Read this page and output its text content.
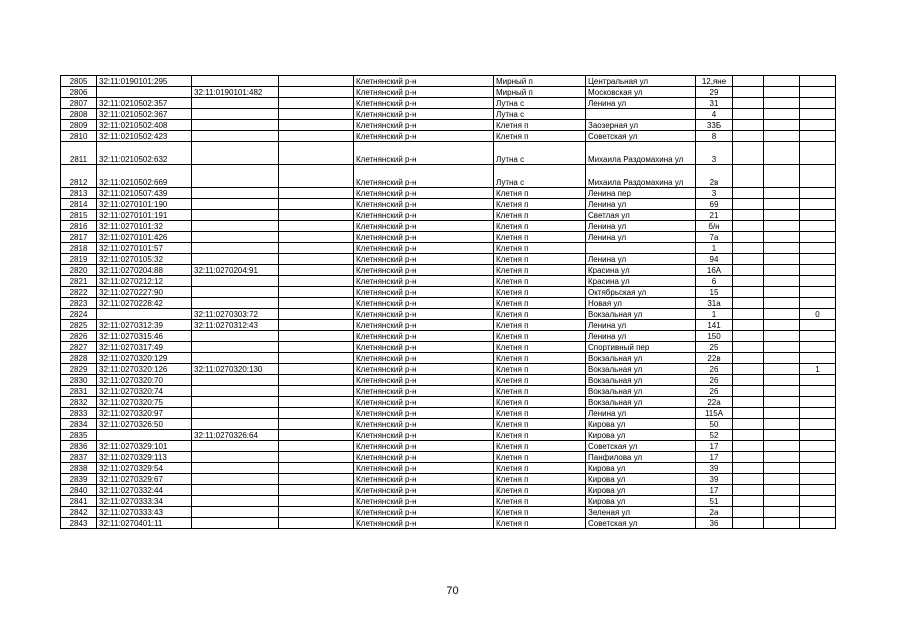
2805	32:11:0190101:295			Клетнянский р-н	Мирный п	Центральная ул	12,яне			
2806		32:11:0190101:482		Клетнянский р-н	Мирный п	Московская ул	29			
2807	32:11:0210502:357			Клетнянский р-н	Лутна с	Ленина ул	31			
2808	32:11:0210502:367			Клетнянский р-н	Лутна с		4			
2809	32:11:0210502:408			Клетнянский р-н	Клетня п	Заозерная ул	33Б			
2810	32:11:0210502:423			Клетнянский р-н	Клетня п	Советская ул	8			
2811	32:11:0210502:632			Клетнянский р-н	Лутна с	Михаила Раздомахина ул	3			
2812	32:11:0210502:669			Клетнянский р-н	Лутна с	Михаила Раздомахина ул	2в			
2813	32:11:0210507:439			Клетнянский р-н	Клетня п	Ленина пер	3			
2814	32:11:0270101:190			Клетнянский р-н	Клетня п	Ленина ул	69			
2815	32:11:0270101:191			Клетнянский р-н	Клетня п	Светлая ул	21			
2816	32:11:0270101:32			Клетнянский р-н	Клетня п	Ленина ул	б/н			
2817	32:11:0270101:426			Клетнянский р-н	Клетня п	Ленина ул	7а			
2818	32:11:0270101:57			Клетнянский р-н	Клетня п		1			
2819	32:11:0270105:32			Клетнянский р-н	Клетня п	Ленина ул	94			
2820	32:11:0270204:88	32:11:0270204:91		Клетнянский р-н	Клетня п	Красина ул	16А			
2821	32:11:0270212:12			Клетнянский р-н	Клетня п	Красина ул	6			
2822	32:11:0270227:90			Клетнянский р-н	Клетня п	Октябрьская ул	15			
2823	32:11:0270228:42			Клетнянский р-н	Клетня п	Новая ул	31а			
2824		32:11:0270303:72		Клетнянский р-н	Клетня п	Вокзальная ул	1			0
2825	32:11:0270312:39	32:11:0270312:43		Клетнянский р-н	Клетня п	Ленина ул	141			
2826	32:11:0270315:46			Клетнянский р-н	Клетня п	Ленина ул	150			
2827	32:11:0270317:49			Клетнянский р-н	Клетня п	Спортивный пер	25			
2828	32:11:0270320:129			Клетнянский р-н	Клетня п	Вокзальная ул	22в			
2829	32:11:0270320:126	32:11:0270320:130		Клетнянский р-н	Клетня п	Вокзальная ул	26			1
2830	32:11:0270320:70			Клетнянский р-н	Клетня п	Вокзальная ул	26			
2831	32:11:0270320:74			Клетнянский р-н	Клетня п	Вокзальная ул	26			
2832	32:11:0270320:75			Клетнянский р-н	Клетня п	Вокзальная ул	22а			
2833	32:11:0270320:97			Клетнянский р-н	Клетня п	Ленина ул	115А			
2834	32:11:0270326:50			Клетнянский р-н	Клетня п	Кирова ул	50			
2835		32:11:0270326:64		Клетнянский р-н	Клетня п	Кирова ул	52			
2836	32:11:0270329:101			Клетнянский р-н	Клетня п	Советская ул	17			
2837	32:11:0270329:113			Клетнянский р-н	Клетня п	Панфилова ул	17			
2838	32:11:0270329:54			Клетнянский р-н	Клетня п	Кирова ул	39			
2839	32:11:0270329:67			Клетнянский р-н	Клетня п	Кирова ул	39			
2840	32:11:0270332:44			Клетнянский р-н	Клетня п	Кирова ул	17			
2841	32:11:0270333:34			Клетнянский р-н	Клетня п	Кирова ул	51			
2842	32:11:0270333:43			Клетнянский р-н	Клетня п	Зеленая ул	2а			
2843	32:11:0270401:11			Клетнянский р-н	Клетня п	Советская ул	36			
70
